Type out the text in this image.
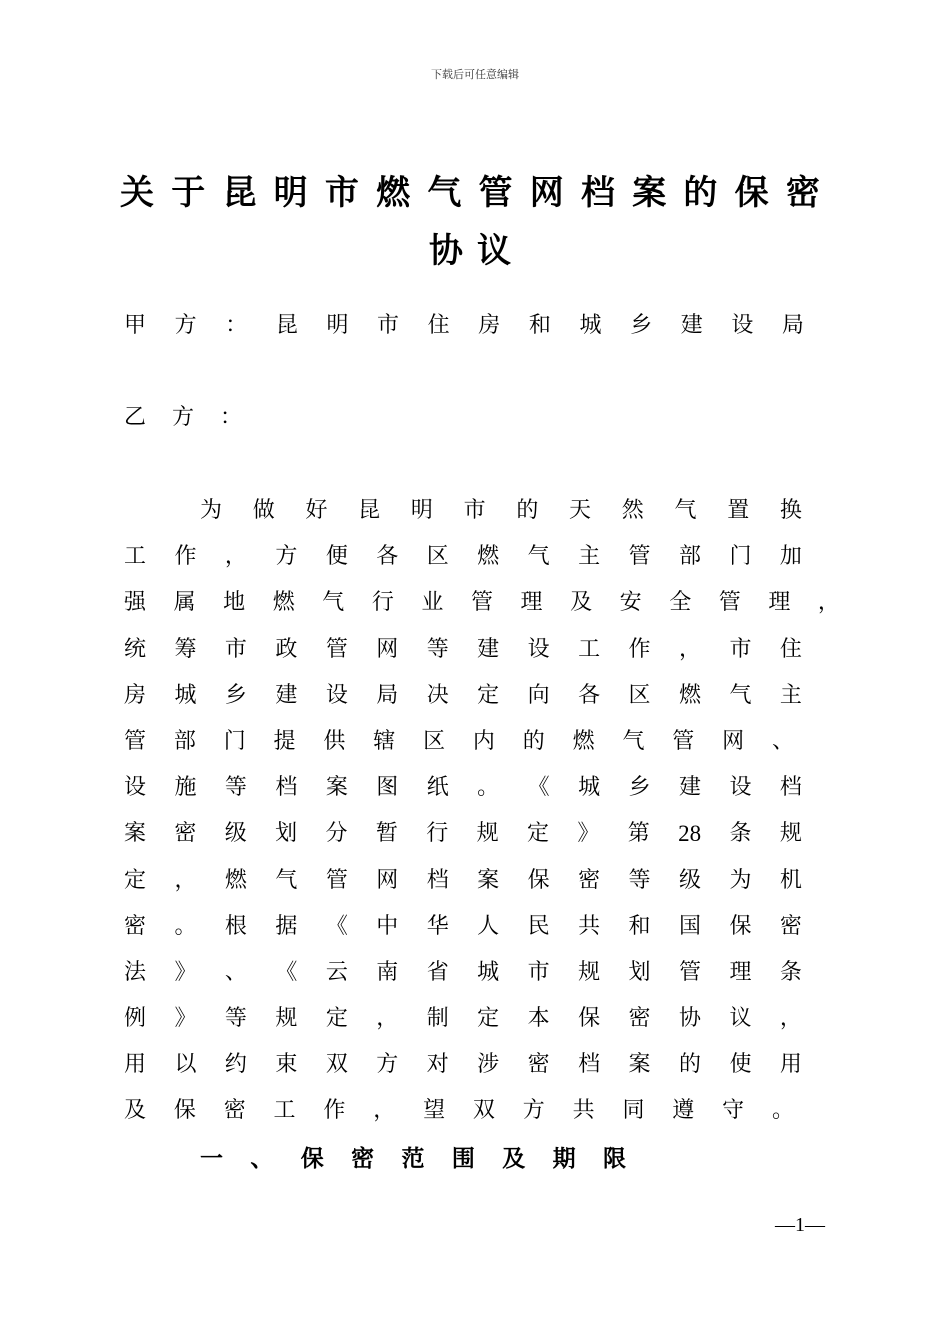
下载后可任意编辑
关 于 昆 明 市 燃 气 管 网 档 案 的 保 密
协 议
甲 方 ： 昆 明 市 住 房 和 城 乡 建 设 局
乙 方 ：
为 做 好 昆 明 市 的 天 然 气 置 换
工 作 ， 方 便 各 区 燃 气 主 管 部 门 加
强 属 地 燃 气 行 业 管 理 及 安 全 管 理 ，
统 筹 市 政 管 网 等 建 设 工 作 ， 市 住
房 城 乡 建 设 局 决 定 向 各 区 燃 气 主
管 部 门 提 供 辖 区 内 的 燃 气 管 网 、
设 施 等 档 案 图 纸 。 《 城 乡 建 设 档
案 密 级 划 分 暂 行 规 定 》 第 28 条 规
定 ， 燃 气 管 网 档 案 保 密 等 级 为 机
密 。 根 据 《 中 华 人 民 共 和 国 保 密
法 》 、 《 云 南 省 城 市 规 划 管 理 条
例 》 等 规 定 ， 制 定 本 保 密 协 议 ，
用 以 约 束 双 方 对 涉 密 档 案 的 使 用
及 保 密 工 作 ， 望 双 方 共 同 遵 守 。
一 、 保 密 范 围 及 期 限
—1—
